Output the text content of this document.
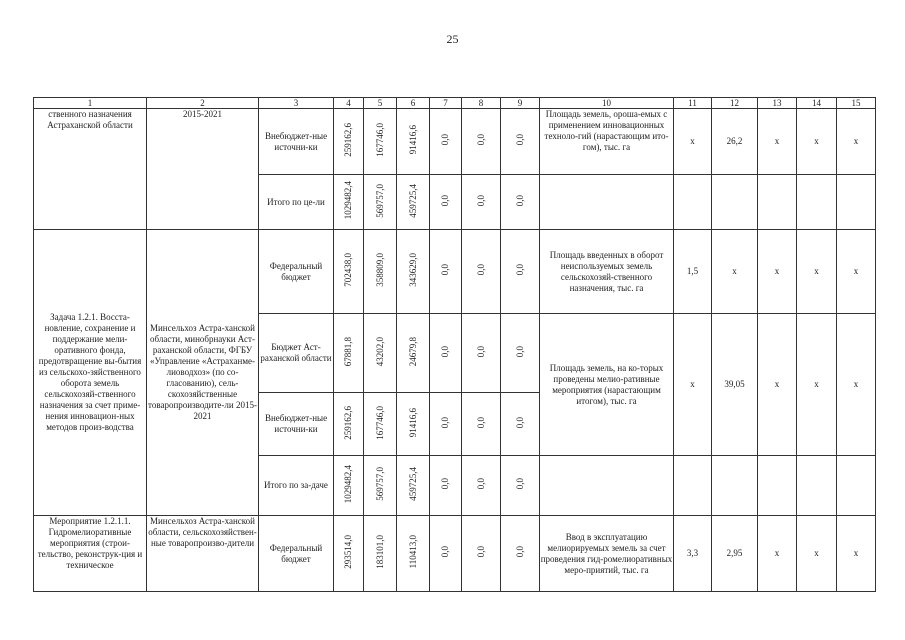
25
1	2	3	4	5	6	7	8	9	10	11	12	13	14	15
ственного назначения Астраханской области	2015-2021	Внебюджет-ные источни-ки	259162,6	167746,0	91416,6	0,0	0,0	0,0	Площадь земель, ороша-емых с применением инновационных техноло-гий (нарастающим ито-гом), тыс. га	x	26,2	x	x	x
		Итого по це-ли	1029482,4	569757,0	459725,4	0,0	0,0	0,0						
Задача 1.2.1. Восста-новление, сохранение и поддержание мели-оративного фонда, предотвращение вы-бытия из сельскохо-зяйственного оборота земель сельскохозяй-ственного назначения за счет приме-нения инновацион-ных методов произ-водства	Минсельхоз Астра-ханской области, минобрнауки Аст-раханской области, ФГБУ «Управление «Астраханме-лиоводхоз» (по со-гласованию), сель-скохозяйственные товаропроизводите-ли 2015-2021	Федеральный бюджет	702438,0	358809,0	343629,0	0,0	0,0	0,0	Площадь введенных в оборот неиспользуемых земель сельскохозяй-ственного назначения, тыс. га	1,5	x	x	x	x
		Бюджет Аст-раханской области	67881,8	43202,0	24679,8	0,0	0,0	0,0	Площадь земель, на ко-торых проведены мелио-ративные мероприятия (нарастающим итогом), тыс. га	x	39,05	x	x	x
		Внебюджет-ные источни-ки	259162,6	167746,0	91416,6	0,0	0,0	0,0						
		Итого по за-даче	1029482,4	569757,0	459725,4	0,0	0,0	0,0						
Мероприятие 1.2.1.1. Гидромелиоративные мероприятия (строи-тельство, реконструк-ция и техническое	Минсельхоз Астра-ханской области, сельскохозяйствен-ные товаропроизво-дители	Федеральный бюджет	293514,0	183101,0	110413,0	0,0	0,0	0,0	Ввод в эксплуатацию мелиорируемых земель за счет проведения гид-ромелиоративных меро-приятий, тыс. га	3,3	2,95	x	x	x
